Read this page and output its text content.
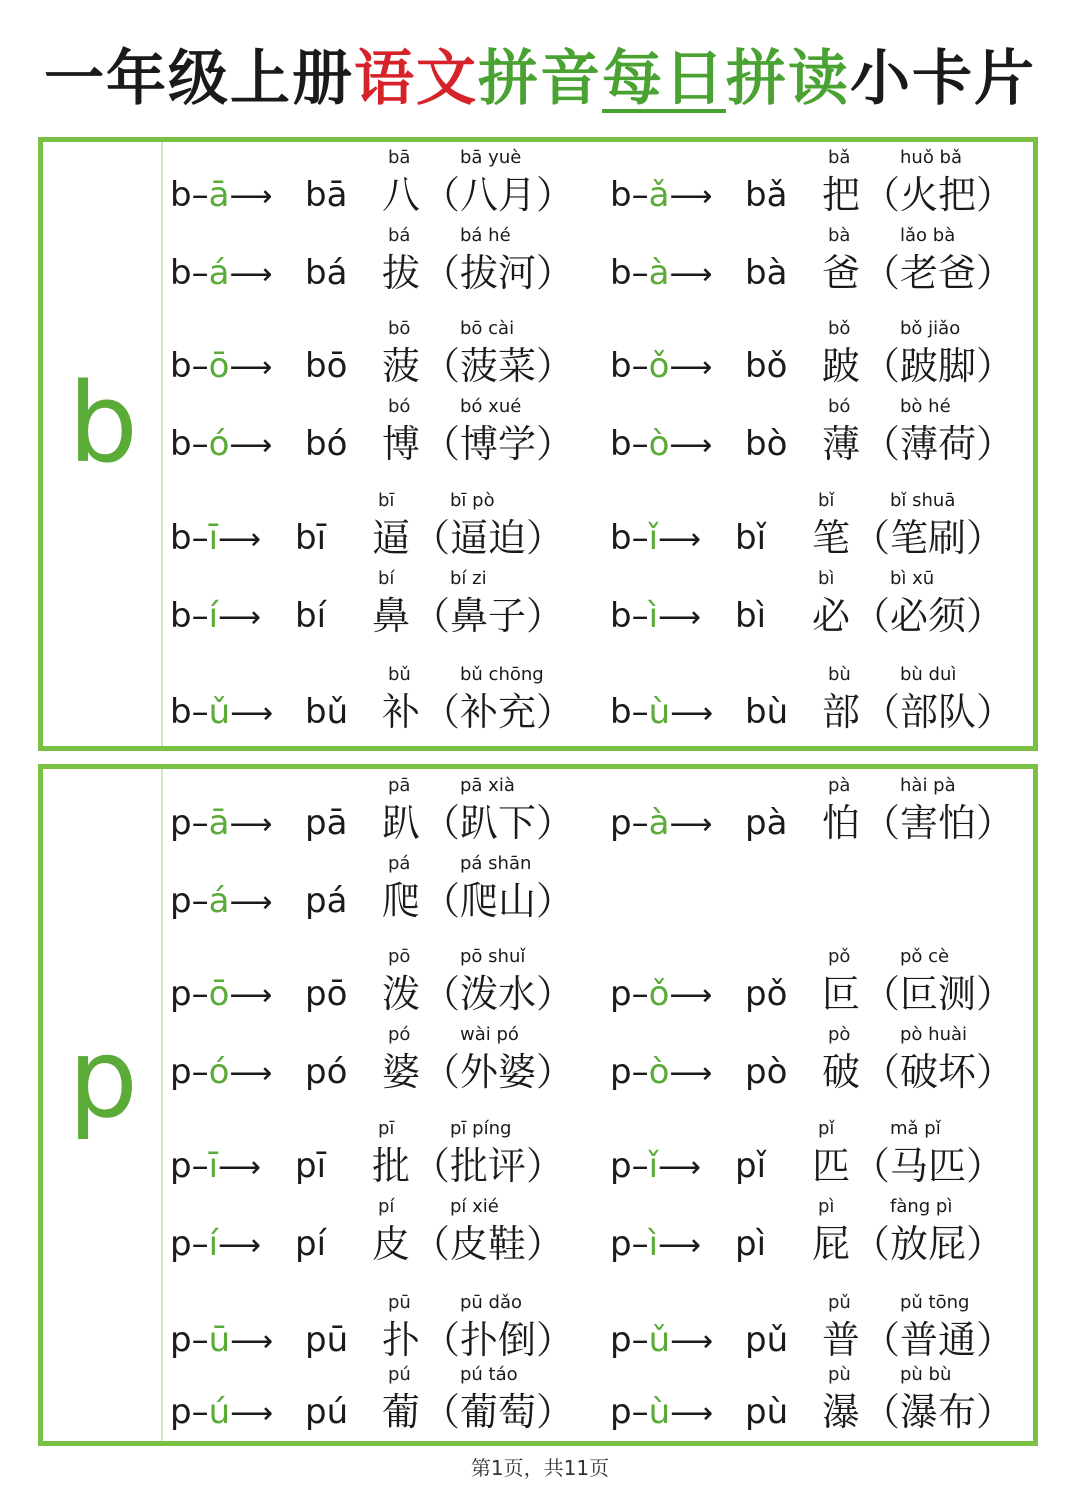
一年级上册语文拼音每日拼读小卡片
b
b–ā⟶ bā
bā
八
bā yuè
（八月） b–ǎ⟶ bǎ
bǎ
把
huǒ bǎ
（火把）
b–á⟶ bá
bá
拔
bá hé
（拔河） b–à⟶ bà
bà
爸
lǎo bà
（老爸）
b–ō⟶ bō
bō
菠
bō cài
（菠菜） b–ǒ⟶ bǒ
bǒ
跛
bǒ jiǎo
（跛脚）
b–ó⟶ bó
bó
博
bó xué
（博学） b–ò⟶ bò
bó
薄
bò hé
（薄荷）
b–ī⟶ bī
bī
逼
bī pò
（逼迫） b–ǐ⟶ bǐ
bǐ
笔
bǐ shuā
（笔刷）
b–í⟶ bí
bí
鼻
bí zi
（鼻子） b–ì⟶ bì
bì
必
bì xū
（必须）
b–ǔ⟶ bǔ
bǔ
补
bǔ chōng
（补充） b–ù⟶ bù
bù
部
bù duì
（部队）
p
p–ā⟶ pā
pā
趴
pā xià
（趴下） p–à⟶ pà
pà
怕
hài pà
（害怕）
p–á⟶ pá
pá
爬
pá shān
（爬山）
p–ō⟶ pō
pō
泼
pō shuǐ
（泼水） p–ǒ⟶ pǒ
pǒ
叵
pǒ cè
（叵测）
p–ó⟶ pó
pó
婆
wài pó
（外婆） p–ò⟶ pò
pò
破
pò huài
（破坏）
p–ī⟶ pī
pī
批
pī píng
（批评） p–ǐ⟶ pǐ
pǐ
匹
mǎ pǐ
（马匹）
p–í⟶ pí
pí
皮
pí xié
（皮鞋） p–ì⟶ pì
pì
屁
fàng pì
（放屁）
p–ū⟶ pū
pū
扑
pū dǎo
（扑倒） p–ǔ⟶ pǔ
pǔ
普
pǔ tōng
（普通）
p–ú⟶ pú
pú
葡
pú táo
（葡萄） p–ù⟶ pù
pù
瀑
pù bù
（瀑布）
第1页，共11页
